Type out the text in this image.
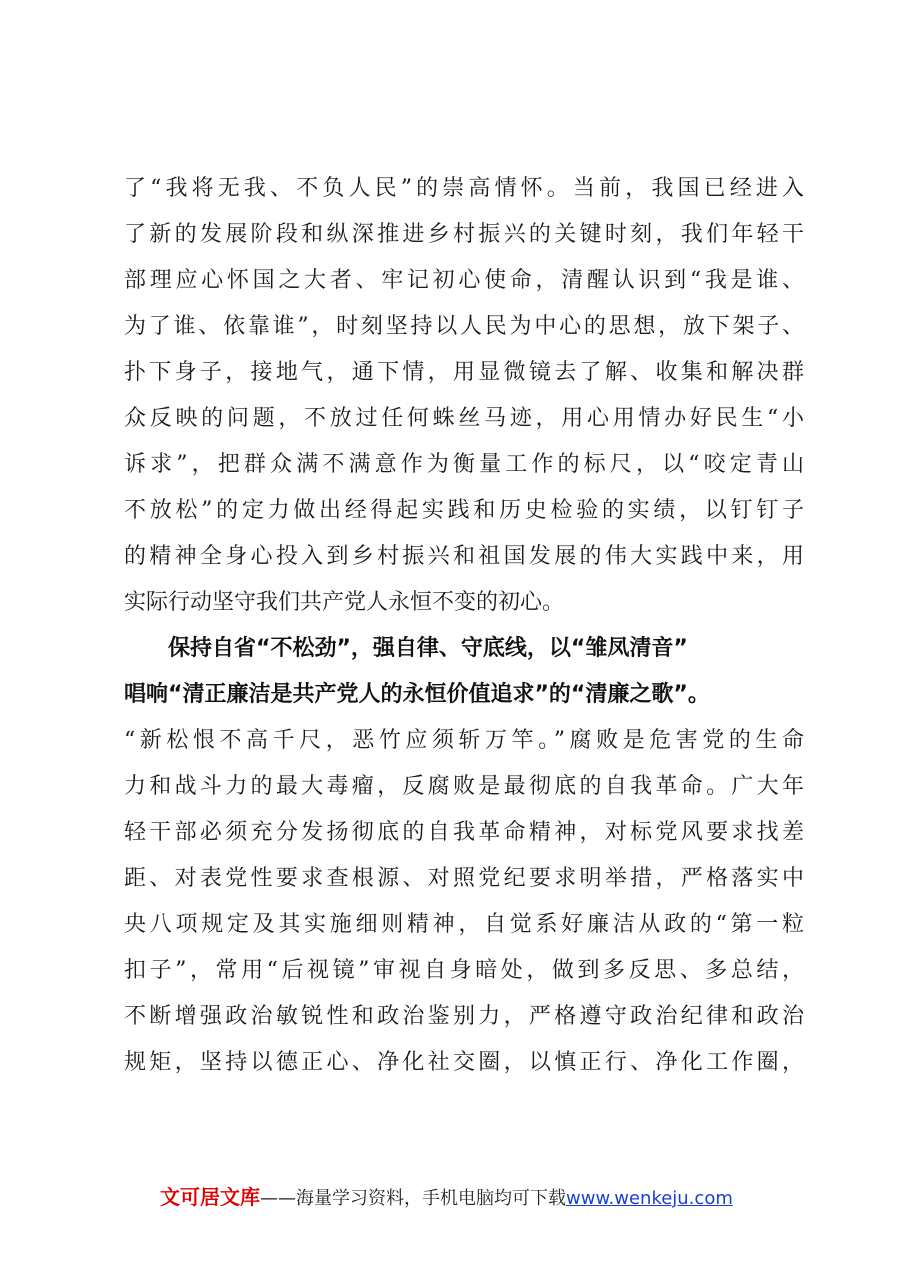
了“我将无我、不负人民”的崇高情怀。当前，我国已经进入
了新的发展阶段和纵深推进乡村振兴的关键时刻，我们年轻干
部理应心怀国之大者、牢记初心使命，清醒认识到“我是谁、
为了谁、依靠谁”，时刻坚持以人民为中心的思想，放下架子、
扑下身子，接地气，通下情，用显微镜去了解、收集和解决群
众反映的问题，不放过任何蛛丝马迹，用心用情办好民生“小
诉求”，把群众满不满意作为衡量工作的标尺，以“咬定青山
不放松”的定力做出经得起实践和历史检验的实绩，以钉钉子
的精神全身心投入到乡村振兴和祖国发展的伟大实践中来，用
实际行动坚守我们共产党人永恒不变的初心。
保持自省“不松劲”，强自律、守底线，以“雏凤清音”
唱响“清正廉洁是共产党人的永恒价值追求”的“清廉之歌”。
“新松恨不高千尺，恶竹应须斩万竿。”腐败是危害党的生命
力和战斗力的最大毒瘤，反腐败是最彻底的自我革命。广大年
轻干部必须充分发扬彻底的自我革命精神，对标党风要求找差
距、对表党性要求查根源、对照党纪要求明举措，严格落实中
央八项规定及其实施细则精神，自觉系好廉洁从政的“第一粒
扣子”，常用“后视镜”审视自身暗处，做到多反思、多总结，
不断增强政治敏锐性和政治鉴别力，严格遵守政治纪律和政治
规矩，坚持以德正心、净化社交圈，以慎正行、净化工作圈，
文可居文库——海量学习资料，手机电脑均可下载www.wenkeju.com
